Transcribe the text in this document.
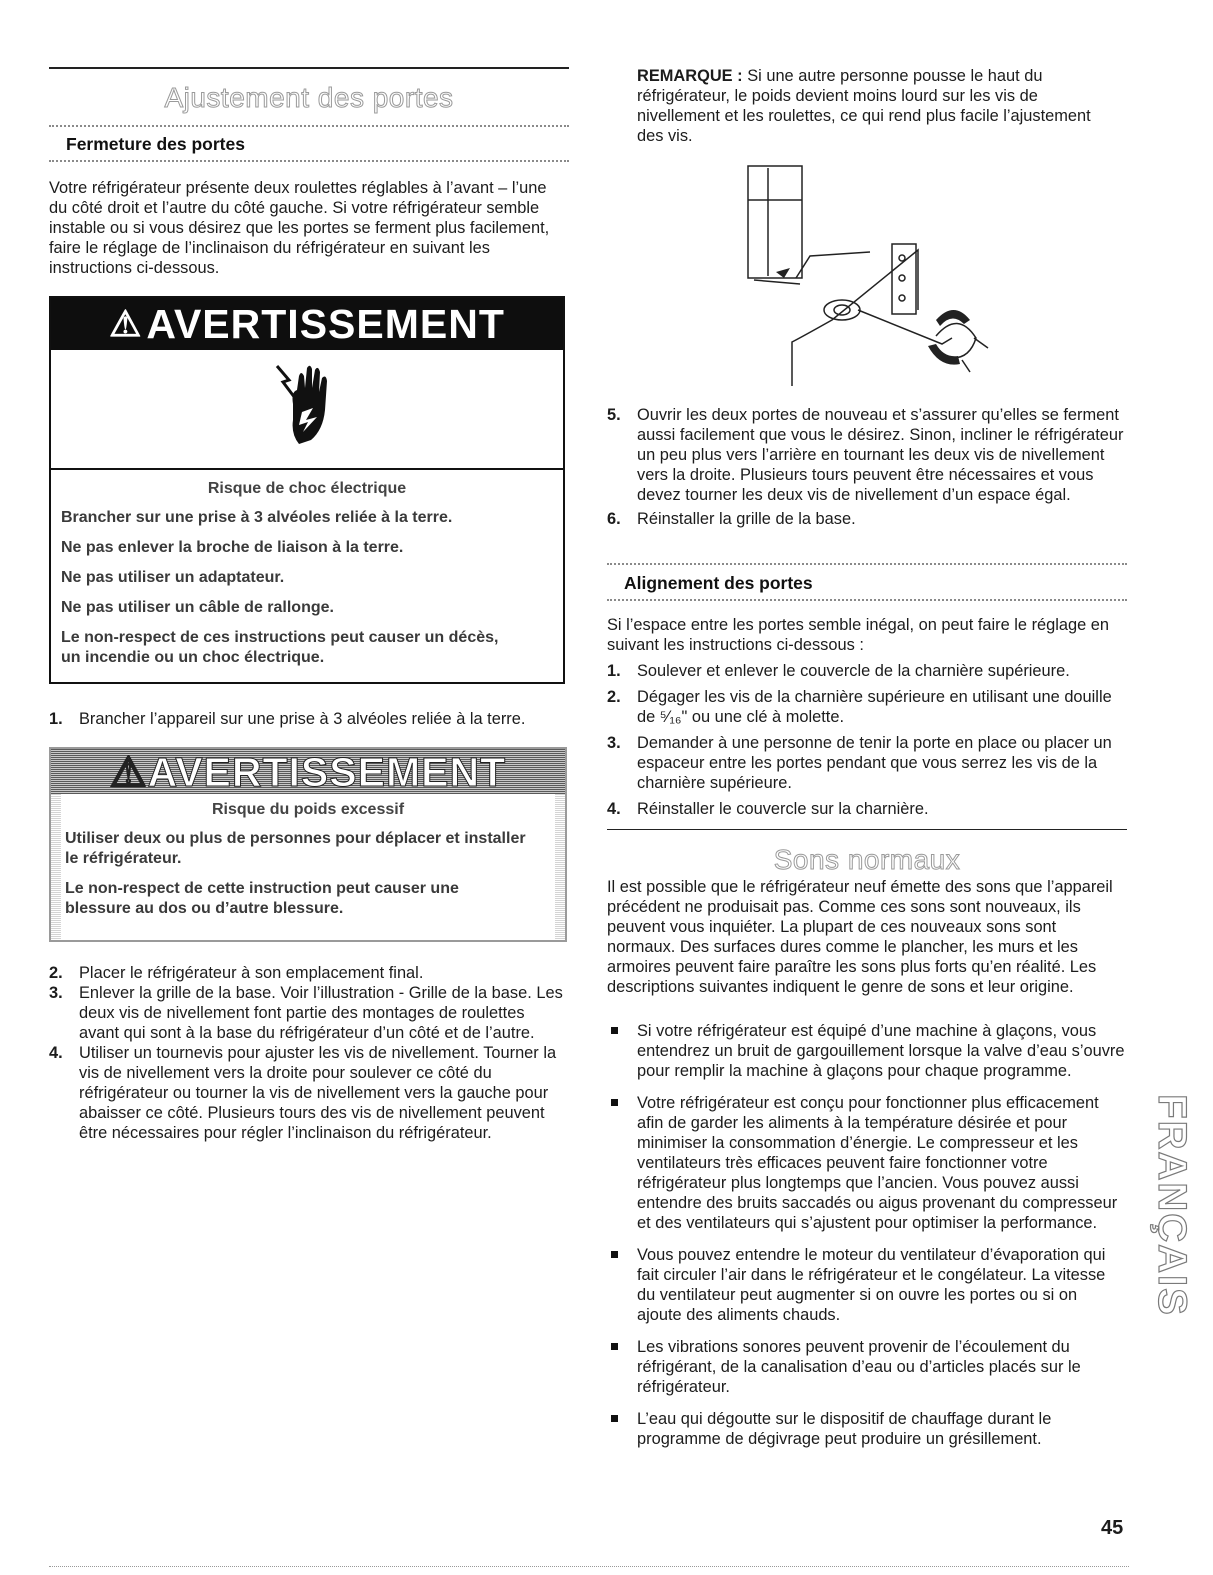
Ajustement des portes
Fermeture des portes

Votre réfrigérateur présente deux roulettes réglables à l’avant – l’une du côté droit et l’autre du côté gauche. Si votre réfrigérateur semble instable ou si vous désirez que les portes se ferment plus facilement, faire le réglage de l’inclinaison du réfrigérateur en suivant les instructions ci-dessous.

⚠ AVERTISSEMENT
Risque de choc électrique
Brancher sur une prise à 3 alvéoles reliée à la terre.
Ne pas enlever la broche de liaison à la terre.
Ne pas utiliser un adaptateur.
Ne pas utiliser un câble de rallonge.
Le non-respect de ces instructions peut causer un décès, un incendie ou un choc électrique.
1. Brancher l’appareil sur une prise à 3 alvéoles reliée à la terre.
⚠AVERTISSEMENT
Risque du poids excessif
Utiliser deux ou plus de personnes pour déplacer et installer le réfrigérateur.
Le non-respect de cette instruction peut causer une blessure au dos ou d’autre blessure.
2. Placer le réfrigérateur à son emplacement final.
3. Enlever la grille de la base. Voir l’illustration - Grille de la base. Les deux vis de nivellement font partie des montages de roulettes avant qui sont à la base du réfrigérateur d’un côté et de l’autre.
4. Utiliser un tournevis pour ajuster les vis de nivellement. Tourner la vis de nivellement vers la droite pour soulever ce côté du réfrigérateur ou tourner la vis de nivellement vers la gauche pour abaisser ce côté. Plusieurs tours des vis de nivellement peuvent être nécessaires pour régler l’inclinaison du réfrigérateur.

REMARQUE : Si une autre personne pousse le haut du réfrigérateur, le poids devient moins lourd sur les vis de nivellement et les roulettes, ce qui rend plus facile l’ajustement des vis.

5. Ouvrir les deux portes de nouveau et s’assurer qu’elles se ferment aussi facilement que vous le désirez. Sinon, incliner le réfrigérateur un peu plus vers l’arrière en tournant les deux vis de nivellement vers la droite. Plusieurs tours peuvent être nécessaires et vous devez tourner les deux vis de nivellement d’un espace égal.
6. Réinstaller la grille de la base.
Alignement des portes

Si l’espace entre les portes semble inégal, on peut faire le réglage en suivant les instructions ci-dessous :

1. Soulever et enlever le couvercle de la charnière supérieure.
2. Dégager les vis de la charnière supérieure en utilisant une douille de ⁵⁄₁₆" ou une clé à molette.
3. Demander à une personne de tenir la porte en place ou placer un espaceur entre les portes pendant que vous serrez les vis de la charnière supérieure.
4. Réinstaller le couvercle sur la charnière.
Sons normaux

Il est possible que le réfrigérateur neuf émette des sons que l’appareil précédent ne produisait pas. Comme ces sons sont nouveaux, ils peuvent vous inquiéter. La plupart de ces nouveaux sons sont normaux. Des surfaces dures comme le plancher, les murs et les armoires peuvent faire paraître les sons plus forts qu’en réalité. Les descriptions suivantes indiquent le genre de sons et leur origine.

Si votre réfrigérateur est équipé d’une machine à glaçons, vous entendrez un bruit de gargouillement lorsque la valve d’eau s’ouvre pour remplir la machine à glaçons pour chaque programme.
Votre réfrigérateur est conçu pour fonctionner plus efficacement afin de garder les aliments à la température désirée et pour minimiser la consommation d’énergie. Le compresseur et les ventilateurs très efficaces peuvent faire fonctionner votre réfrigérateur plus longtemps que l’ancien. Vous pouvez aussi entendre des bruits saccadés ou aigus provenant du compresseur et des ventilateurs qui s’ajustent pour optimiser la performance.
Vous pouvez entendre le moteur du ventilateur d’évaporation qui fait circuler l’air dans le réfrigérateur et le congélateur. La vitesse du ventilateur peut augmenter si on ouvre les portes ou si on ajoute des aliments chauds.
Les vibrations sonores peuvent provenir de l’écoulement du réfrigérant, de la canalisation d’eau ou d’articles placés sur le réfrigérateur.
L’eau qui dégoutte sur le dispositif de chauffage durant le programme de dégivrage peut produire un grésillement.
FRANÇAIS
45
